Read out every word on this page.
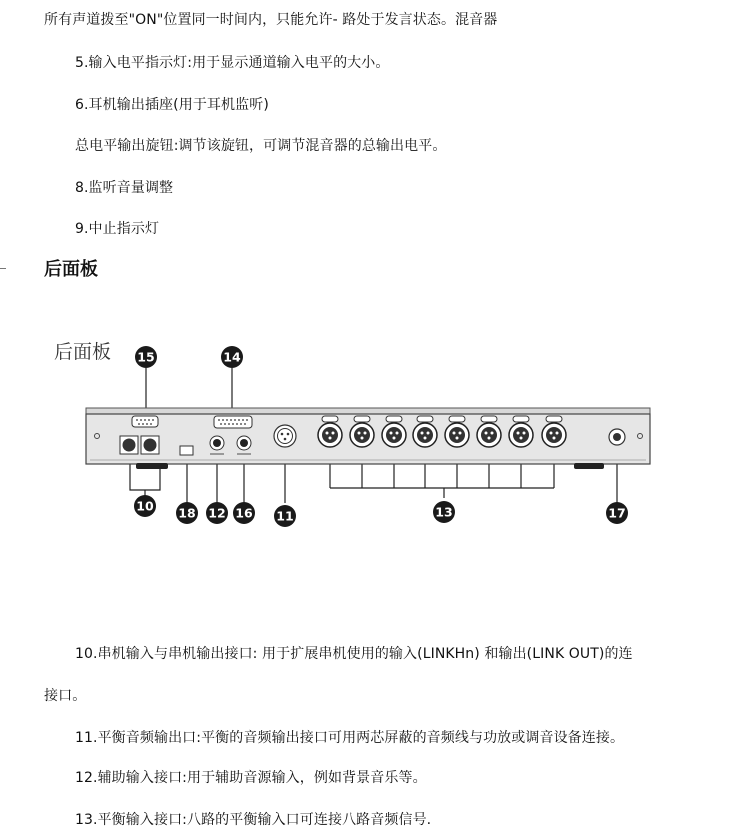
所有声道拨至"ON"位置同一时间内，只能允许- 路处于发言状态。混音器
5.输入电平指示灯:用于显示通道输入电平的大小。
6.耳机输出插座(用于耳机监听)
总电平输出旋钮:调节该旋钮，可调节混音器的总输出电平。
8.监听音量调整
9.中止指示灯
后面板
后面板 15	14
10 18 12 16 11	13	17
10.串机输入与串机输出接口: 用于扩展串机使用的输入(LINKHn) 和输出(LINK OUT)的连
接口。
11.平衡音频输出口:平衡的音频输出接口可用两芯屏蔽的音频线与功放或调音设备连接。
12.辅助输入接口:用于辅助音源输入，例如背景音乐等。
13.平衡输入接口:八路的平衡输入口可连接八路音频信号.
